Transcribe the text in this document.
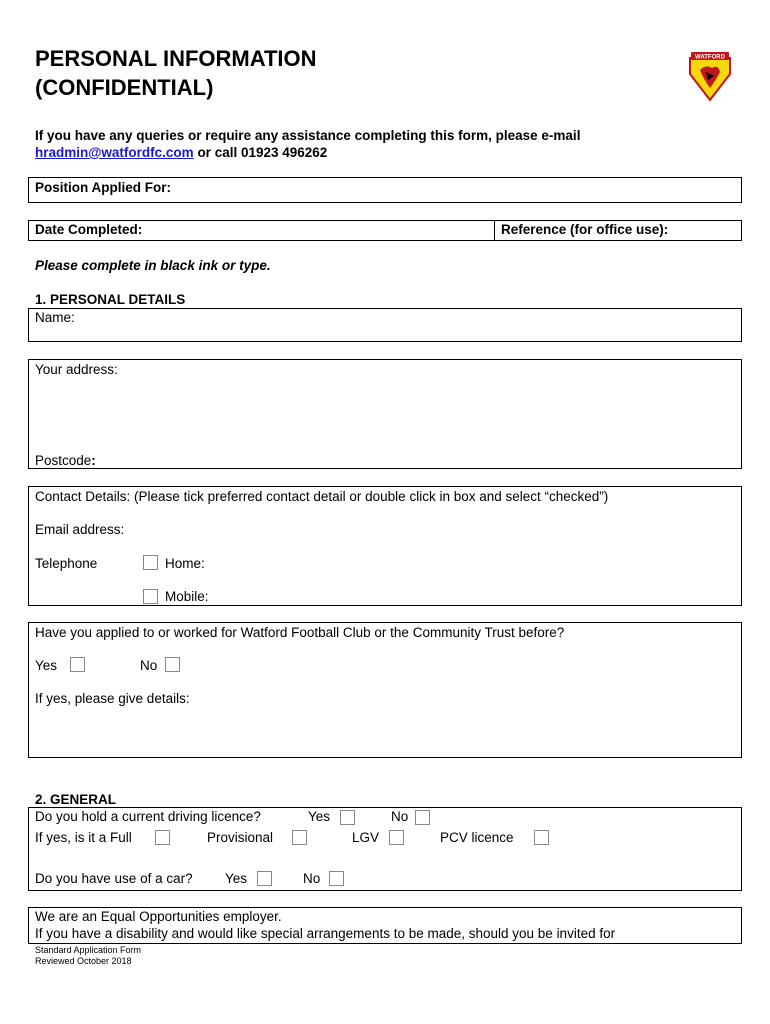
PERSONAL INFORMATION
(CONFIDENTIAL)
WATFORD
If you have any queries or require any assistance completing this form, please e-mail
hradmin@watfordfc.com or call 01923 496262
Position Applied For:
Date Completed:	Reference (for office use):
Please complete in black ink or type.
1. PERSONAL DETAILS
Name:
Your address:
Postcode:
Contact Details: (Please tick preferred contact detail or double click in box and select “checked”)
Email address:
Telephone	Home:
Mobile:
Have you applied to or worked for Watford Football Club or the Community Trust before?
Yes	No
If yes, please give details:
2. GENERAL
Do you hold a current driving licence?	Yes	No
If yes, is it a Full	Provisional	LGV	PCV licence
Do you have use of a car? Yes	No
We are an Equal Opportunities employer.
If you have a disability and would like special arrangements to be made, should you be invited for
Standard Application Form
Reviewed October 2018
